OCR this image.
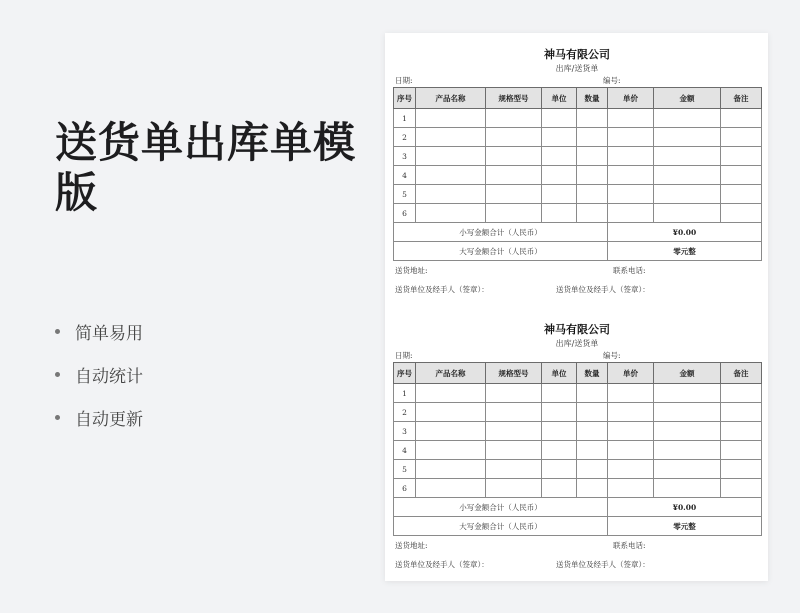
送货单出库单模版
简单易用
自动统计
自动更新
神马有限公司
出库/送货单
日期:	编号:
序号	产品名称	规格型号	单位	数量	单价	金额	备注
1							
2							
3							
4							
5							
6							
小写金额合计（人民币）					¥0.00		
大写金额合计（人民币）					零元整		
送货地址:	联系电话:
送货单位及经手人（签章）：	送货单位及经手人（签章）：
神马有限公司
出库/送货单
日期:	编号:
序号	产品名称	规格型号	单位	数量	单价	金额	备注
1							
2							
3							
4							
5							
6							
小写金额合计（人民币）					¥0.00		
大写金额合计（人民币）					零元整		
送货地址:	联系电话:
送货单位及经手人（签章）：	送货单位及经手人（签章）：
